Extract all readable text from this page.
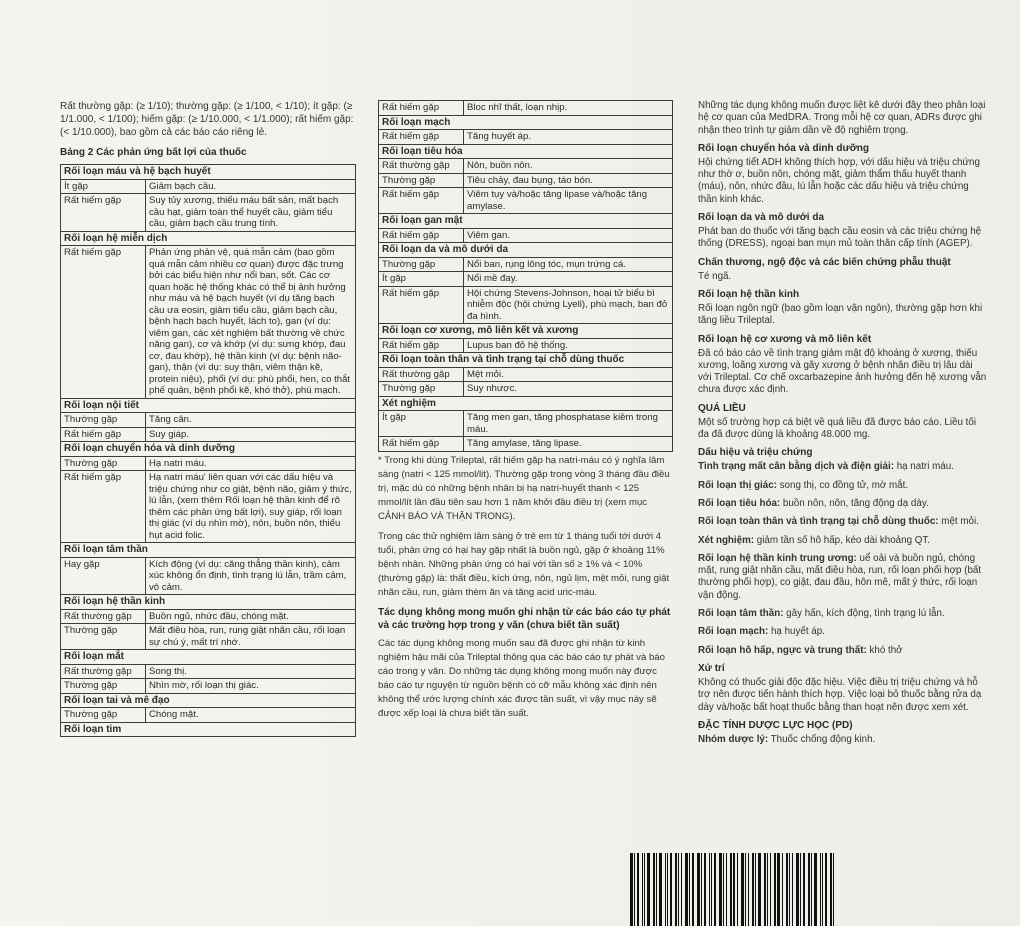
Rất thường gặp: (≥ 1/10); thường gặp: (≥ 1/100, < 1/10); ít gặp: (≥ 1/1.000, < 1/100); hiếm gặp: (≥ 1/10.000, < 1/1.000); rất hiếm gặp: (< 1/10.000), bao gồm cả các báo cáo riêng lẻ.

Bảng 2 Các phản ứng bất lợi của thuốc
Rối loạn máu và hệ bạch huyết	
Ít gặp	Giảm bạch cầu.
Rất hiếm gặp	Suy tủy xương, thiếu máu bất sản, mất bạch cầu hạt, giảm toàn thể huyết cầu, giảm tiểu cầu, giảm bạch cầu trung tính.
Rối loạn hệ miễn dịch	
Rất hiếm gặp	Phản ứng phản vệ, quá mẫn cảm (bao gồm quá mẫn cảm nhiều cơ quan) được đặc trưng bởi các biểu hiện như nổi ban, sốt. Các cơ quan hoặc hệ thống khác có thể bị ảnh hưởng như máu và hệ bạch huyết (ví dụ tăng bạch cầu ưa eosin, giảm tiểu cầu, giảm bạch cầu, bệnh hạch bạch huyết, lách to), gan (ví dụ: viêm gan, các xét nghiệm bất thường về chức năng gan), cơ và khớp (ví dụ: sưng khớp, đau cơ, đau khớp), hệ thần kinh (ví dụ: bệnh não-gan), thận (ví dụ: suy thận, viêm thận kẽ, protein niệu), phổi (ví dụ: phù phổi, hen, co thắt phế quản, bệnh phổi kẽ, khó thở), phù mạch.
Rối loạn nội tiết	
Thường gặp	Tăng cân.
Rất hiếm gặp	Suy giáp.
Rối loạn chuyển hóa và dinh dưỡng	
Thường gặp	Hạ natri máu.
Rất hiếm gặp	Hạ natri máu' liên quan với các dấu hiệu và triệu chứng như co giật, bệnh não, giảm ý thức, lú lẫn, (xem thêm Rối loạn hệ thần kinh để rõ thêm các phản ứng bất lợi), suy giáp, rối loạn thị giác (ví dụ nhìn mờ), nôn, buồn nôn, thiếu hụt acid folic.
Rối loạn tâm thần	
Hay gặp	Kích động (ví dụ: căng thẳng thần kinh), cảm xúc không ổn định, tình trạng lú lẫn, trầm cảm, vô cảm.
Rối loạn hệ thần kinh	
Rất thường gặp	Buồn ngủ, nhức đầu, chóng mặt.
Thường gặp	Mất điều hòa, run, rung giật nhãn cầu, rối loạn sự chú ý, mất trí nhớ.
Rối loạn mắt	
Rất thường gặp	Song thị.
Thường gặp	Nhìn mờ, rối loạn thị giác.
Rối loạn tai và mê đạo	
Thường gặp	Chóng mặt.
Rối loạn tim	
Rất hiếm gặp	Bloc nhĩ thất, loạn nhịp.
Rối loạn mạch	
Rất hiếm gặp	Tăng huyết áp.
Rối loạn tiêu hóa	
Rất thường gặp	Nôn, buồn nôn.
Thường gặp	Tiêu chảy, đau bụng, táo bón.
Rất hiếm gặp	Viêm tụy và/hoặc tăng lipase và/hoặc tăng amylase.
Rối loạn gan mật	
Rất hiếm gặp	Viêm gan.
Rối loạn da và mô dưới da	
Thường gặp	Nổi ban, rụng lông tóc, mụn trứng cá.
Ít gặp	Nổi mề đay.
Rất hiếm gặp	Hội chứng Stevens-Johnson, hoại tử biểu bì nhiễm độc (hội chứng Lyell), phù mạch, ban đỏ đa hình.
Rối loạn cơ xương, mô liên kết và xương	
Rất hiếm gặp	Lupus ban đỏ hệ thống.
Rối loạn toàn thân và tình trạng tại chỗ dùng thuốc	
Rất thường gặp	Mệt mỏi.
Thường gặp	Suy nhược.
Xét nghiệm	
Ít gặp	Tăng men gan, tăng phosphatase kiềm trong máu.
Rất hiếm gặp	Tăng amylase, tăng lipase.

* Trong khi dùng Trileptal, rất hiếm gặp hạ natri-máu có ý nghĩa lâm sàng (natri < 125 mmol/lit). Thường gặp trong vòng 3 tháng đầu điều trị, mặc dù có những bệnh nhân bị hạ natri-huyết thanh < 125 mmol/lít lần đầu tiên sau hơn 1 năm khởi đầu điều trị (xem mục CẢNH BÁO VÀ THẬN TRỌNG).

Trong các thử nghiệm lâm sàng ở trẻ em từ 1 tháng tuổi tới dưới 4 tuổi, phản ứng có hại hay gặp nhất là buồn ngủ, gặp ở khoảng 11% bệnh nhân. Những phản ứng có hại với tần số ≥ 1% và < 10% (thường gặp) là: thất điều, kích ứng, nôn, ngủ lịm, mệt mỏi, rung giật nhãn cầu, run, giảm thèm ăn và tăng acid uric-máu.

Tác dụng không mong muốn ghi nhận từ các báo cáo tự phát và các trường hợp trong y văn (chưa biết tần suất)

Các tác dụng không mong muốn sau đã được ghi nhận từ kinh nghiệm hậu mãi của Trileptal thông qua các báo cáo tự phát và báo cáo trong y văn. Do những tác dụng không mong muốn này được báo cáo tự nguyện từ nguồn bệnh có cỡ mẫu không xác định nên không thể ước lượng chính xác được tần suất, vì vậy mục này sẽ được xếp loại là chưa biết tần suất.

Những tác dụng không muốn được liệt kê dưới đây theo phân loại hệ cơ quan của MedDRA. Trong mỗi hệ cơ quan, ADRs được ghi nhận theo trình tự giảm dần về độ nghiêm trọng.

Rối loạn chuyển hóa và dinh dưỡng

Hội chứng tiết ADH không thích hợp, với dấu hiệu và triệu chứng như thờ ơ, buồn nôn, chóng mặt, giảm thẩm thấu huyết thanh (máu), nôn, nhức đầu, lú lẫn hoặc các dấu hiệu và triệu chứng thần kinh khác.

Rối loạn da và mô dưới da

Phát ban do thuốc với tăng bạch cầu eosin và các triệu chứng hệ thống (DRESS), ngoại ban mụn mủ toàn thân cấp tính (AGEP).

Chấn thương, ngộ độc và các biến chứng phẫu thuật

Té ngã.

Rối loạn hệ thần kinh

Rối loạn ngôn ngữ (bao gồm loạn vận ngôn), thường gặp hơn khi tăng liều Trileptal.

Rối loạn hệ cơ xương và mô liên kết

Đã có báo cáo về tình trạng giảm mật độ khoáng ở xương, thiếu xương, loãng xương và gãy xương ở bệnh nhân điều trị lâu dài với Trileptal. Cơ chế oxcarbazepine ảnh hưởng đến hệ xương vẫn chưa được xác định.

QUÁ LIỀU

Một số trường hợp cá biệt về quá liều đã được báo cáo. Liều tối đa đã được dùng là khoảng 48.000 mg.

Dấu hiệu và triệu chứng

Tình trạng mất cân bằng dịch và điện giải: hạ natri máu.

Rối loạn thị giác: song thị, co đồng tử, mờ mắt.

Rối loạn tiêu hóa: buồn nôn, nôn, tăng động dạ dày.

Rối loạn toàn thân và tình trạng tại chỗ dùng thuốc: mệt mỏi.

Xét nghiệm: giảm tần số hô hấp, kéo dài khoảng QT.

Rối loạn hệ thần kinh trung ương: uể oải và buồn ngủ, chóng mặt, rung giật nhãn cầu, mất điều hòa, run, rối loạn phối hợp (bất thường phối hợp), co giật, đau đầu, hôn mê, mất ý thức, rối loạn vận động.

Rối loạn tâm thần: gây hấn, kích động, tình trạng lú lẫn.

Rối loạn mạch: hạ huyết áp.

Rối loạn hô hấp, ngực và trung thất: khó thở

Xử trí

Không có thuốc giải độc đặc hiệu. Việc điều trị triệu chứng và hỗ trợ nên được tiến hành thích hợp. Việc loại bỏ thuốc bằng rửa dạ dày và/hoặc bất hoạt thuốc bằng than hoạt nên được xem xét.

ĐẶC TÍNH DƯỢC LỰC HỌC (PD)

Nhóm dược lý: Thuốc chống động kinh.
